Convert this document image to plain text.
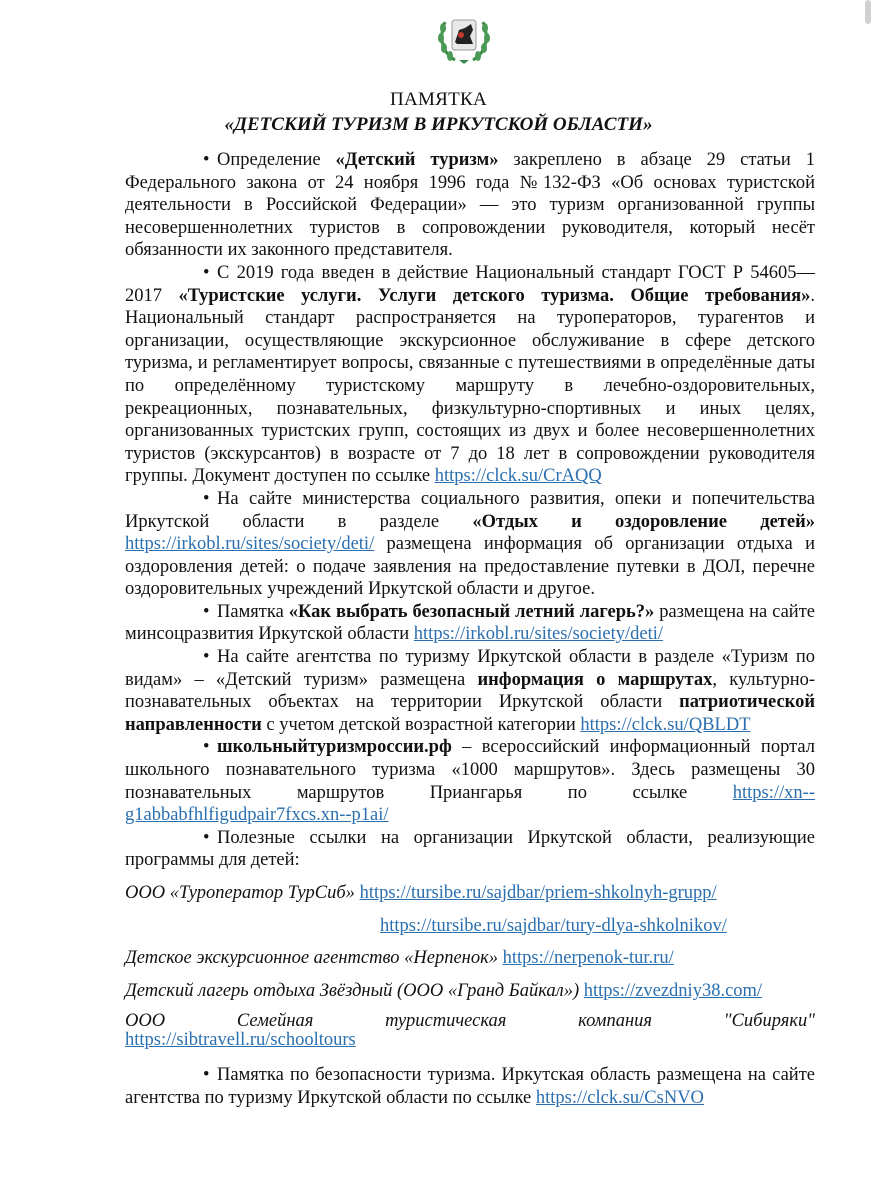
ПАМЯТКА
«ДЕТСКИЙ ТУРИЗМ В ИРКУТСКОЙ ОБЛАСТИ»

• Определение «Детский туризм» закреплено в абзаце 29 статьи 1 Федерального закона от 24 ноября 1996 года №132-ФЗ «Об основах туристской деятельности в Российской Федерации» — это туризм организованной группы несовершеннолетних туристов в сопровождении руководителя, который несёт обязанности их законного представителя.

• С 2019 года введен в действие Национальный стандарт ГОСТ Р 54605— 2017 «Туристские услуги. Услуги детского туризма. Общие требования». Национальный стандарт распространяется на туроператоров, турагентов и организации, осуществляющие экскурсионное обслуживание в сфере детского туризма, и регламентирует вопросы, связанные с путешествиями в определённые даты по определённому туристскому маршруту в лечебно-оздоровительных, рекреационных, познавательных, физкультурно-спортивных и иных целях, организованных туристских групп, состоящих из двух и более несовершеннолетних туристов (экскурсантов) в возрасте от 7 до 18 лет в сопровождении руководителя группы. Документ доступен по ссылке https://clck.su/CrAQQ

• На сайте министерства социального развития, опеки и попечительства Иркутской области в разделе «Отдых и оздоровление детей» https://irkobl.ru/sites/society/deti/ размещена информация об организации отдыха и оздоровления детей: о подаче заявления на предоставление путевки в ДОЛ, перечне оздоровительных учреждений Иркутской области и другое.

• Памятка «Как выбрать безопасный летний лагерь?» размещена на сайте минсоцразвития Иркутской области https://irkobl.ru/sites/society/deti/

• На сайте агентства по туризму Иркутской области в разделе «Туризм по видам» – «Детский туризм» размещена информация о маршрутах, культурно-познавательных объектах на территории Иркутской области патриотической направленности с учетом детской возрастной категории https://clck.su/QBLDT

• школьныйтуризмроссии.рф – всероссийский информационный портал школьного познавательного туризма «1000 маршрутов». Здесь размещены 30 познавательных маршрутов Приангарья по ссылке https://xn--g1abbabfhlfigudpair7fxcs.xn--p1ai/

• Полезные ссылки на организации Иркутской области, реализующие программы для детей:

ООО «Туроператор ТурСиб» https://tursibe.ru/sajdbar/priem-shkolnyh-grupp/

https://tursibe.ru/sajdbar/tury-dlya-shkolnikov/

Детское экскурсионное агентство «Нерпенок» https://nerpenok-tur.ru/

Детский лагерь отдыха Звёздный (ООО «Гранд Байкал») https://zvezdniy38.com/

ООО Семейная туристическая компания "Сибиряки"

https://sibtravell.ru/schooltours

• Памятка по безопасности туризма. Иркутская область размещена на сайте агентства по туризму Иркутской области по ссылке https://clck.su/CsNVO
